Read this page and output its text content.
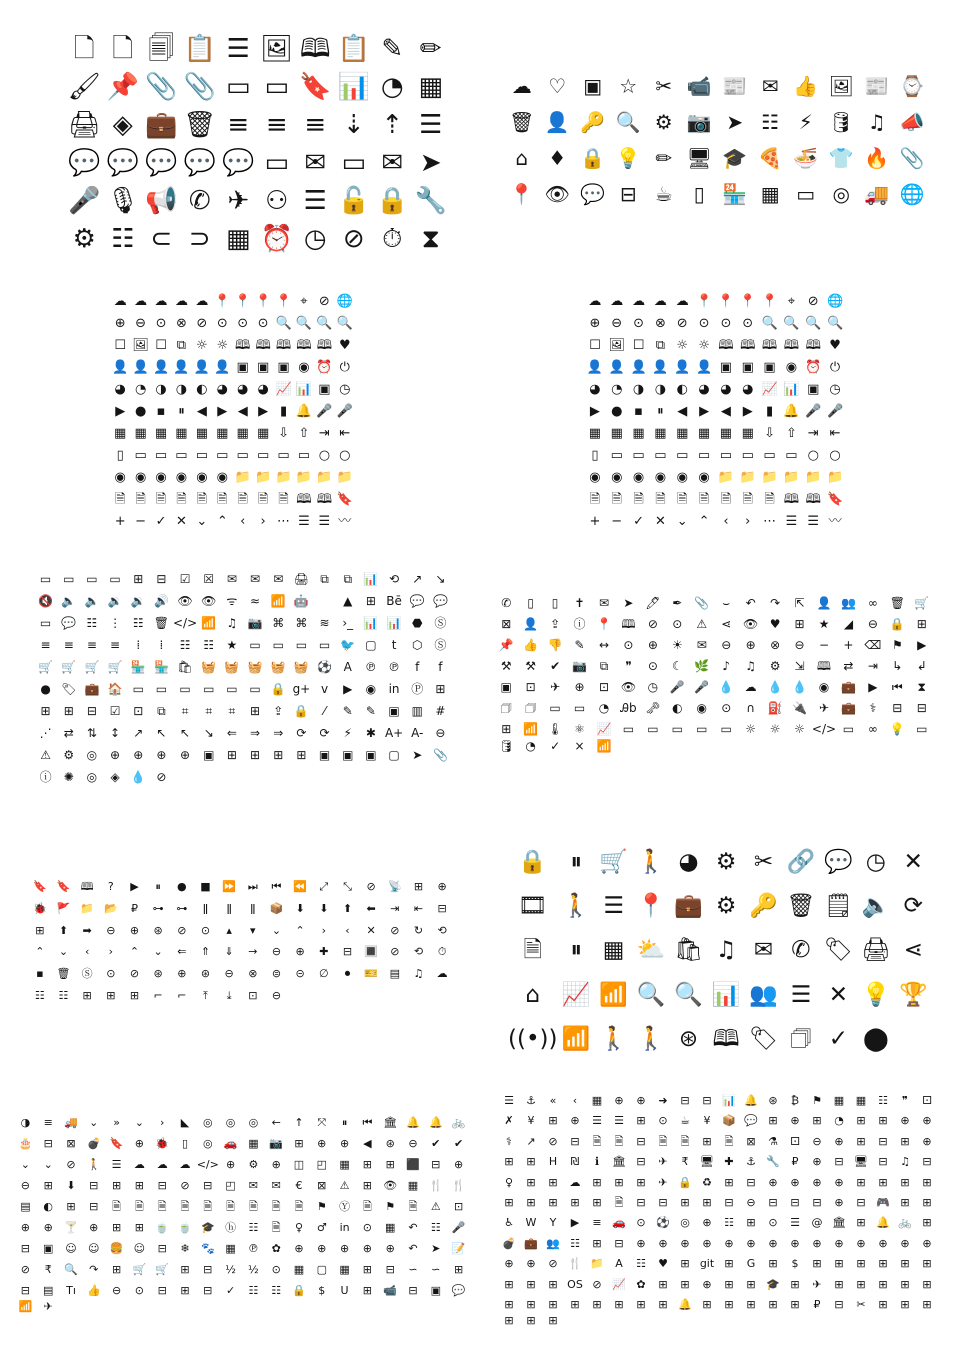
🗋 🗋 🗐 📋 ☰ 🖼 🕮 📋 ✎ ✏
🖌 📌 📎 📎 ▭ ▭ 🔖 📊 ◔ ▦
🖨 ◈ 💼 🗑 ≡ ≡ ≡ ⇣ ⇡ ☰
💬 💬 💬 💬 💬 ▭ ✉ ▭ ✉ ➤
🎤 🎙 📢 ✆ ✈ ⚇ ☰ 🔓 🔒 🔧
⚙ ☷ ⊂ ⊃ ▦ ⏰ ◷ ⊘ ⏱ ⧗
☁ ♡ ▣ ☆ ✂ 📹 📰 ✉ 👍 🖼 📰 ⌚
🗑 👤 🔑 🔍 ⚙ 📷 ➤ ☷ ⚡ 🛢 ♫ 📣
⌂	♦ 🔒 💡 ✏ 🖥 🎓 🍕 🍜 👕 🔥 📎
📍 👁 💬 ⊟ ☕	▯ 🏪 ▦ ▭ ◎ 🚚 🌐
☁ ☁ ☁ ☁ ☁ 📍 📍 📍 📍 ⌖ ⊘ 🌐
⊕ ⊖ ⊙ ⊗ ⊘ ⊙ ⊙ ⊙ 🔍 🔍 🔍 🔍
☐ 🖼 ☐ ⧉ ☼ ☼ 🕮 🕮 🕮 🕮 🕮 ♥
👤 👤 👤 👤 👤 👤 ▣ ▣ ▣ ◉ ⏰ ⏻
◕ ◔ ◑ ◑ ◐ ◕ ◕ ◕ 📈 📊 ▣ ◷
▶ ● ▪ ⏸ ◀ ▶ ◀ ▶ ▮ 🔔 🎤 🎤
▦ ▦ ▦ ▦ ▦ ▦ ▦ ▦ ⇩ ⇧ ⇥ ⇤
▯ ▭ ▭ ▭ ▭ ▭ ▭ ▭ ▭ ▭ ○ ○
◉ ◉ ◉ ◉ ◉ ◉ 📁 📁 📁 📁 📁 📁
🗎 🗎 🗎 🗎 🗎 🗎 🗎 🗎 🗎 🕮 🕮 🔖
+ − ✓ ✕ ⌄ ⌃ ‹	› ⋯ ☰ ☰ 〰
☁ ☁ ☁ ☁ ☁ 📍 📍 📍 📍 ⌖ ⊘ 🌐
⊕ ⊖ ⊙ ⊗ ⊘ ⊙ ⊙ ⊙ 🔍 🔍 🔍 🔍
☐ 🖼 ☐ ⧉ ☼ ☼ 🕮 🕮 🕮 🕮 🕮 ♥
👤 👤 👤 👤 👤 👤 ▣ ▣ ▣ ◉ ⏰ ⏻
◕ ◔ ◑ ◑ ◐ ◕ ◕ ◕ 📈 📊 ▣ ◷
▶ ● ▪	⏸	◀ ▶ ◀ ▶	▮ 🔔 🎤 🎤
▦ ▦ ▦ ▦ ▦ ▦ ▦ ▦ ⇩ ⇧ ⇥ ⇤
▯ ▭ ▭ ▭ ▭ ▭ ▭ ▭ ▭ ▭ ○ ○
◉ ◉ ◉ ◉ ◉ ◉ 📁 📁 📁 📁 📁 📁
🗎 🗎 🗎 🗎 🗎 🗎 🗎 🗎 🗎 🕮 🕮 🔖
+ − ✓ ✕ ⌄ ⌃	‹	› ⋯ ☰ ☰ 〰
▭ ▭ ▭ ▭	⊞	⊟	☑	☒	✉	✉	✉ 🖨 ⧉	⧉ 📊 ⟲	↗	↘
🔇 🔈 🔈 🔉 🔉 🔊 👁 👁 ᯤ	≈ 📶 🤖	▲	⊞ Bē 💬 💬
▭ 💬 ☷ ⋮ ☷ 🗑 </> 📶 ♫ 📷 ⌘ ⌘	≋	›_ 📊 📊 ⬣ Ⓢ
≡	≡	≡	≡	⁞	⁞	☷	☷	★	▭ ▭ ▭ ▭ 🐦 ▢	t	⬡ Ⓢ
🛒 🛒 🛒 🛒 🏪 🏪 🛍 🧺 🧺 🧺 🧺 🧺 ⚽ A	℗ ℗	f	f
● 🏷 💼 🏠 ▭ ▭	▭	▭ ▭ ▭ 🔒 g+ v	▶	◉	in Ⓟ	⊞
⊞	⊞	⊟	☑	⊡	⧉	⌗	⌗	⌗	⊞	⇪ 🔒	⁄	✎	✎	▣ ▥	#
⋰	⇄	⇅	↕	↗	↖	↖	↘	⇐	⇒	⇒	⟳	⟳	⚡	✱ A+ A-	⊖
⚠	⚙	◎	⊕	⊕	⊕	⊕	▣	⊞	⊞	⊞	⊞	▣ ▣ ▣ ▢	➤ 📎
ⓘ	✺	◎	◈ 💧 ⊘
✆	▯	▯	✝	✉	➤ 🖊 ✒ 📎	⌣	↶	↷	⇱ 👤 👥 ∞ 🗑 🛒
⊠ 👤 ⇪	ⓘ 📍 🕮	⊘	⊙	⚠	⋖ 👁 ♥	⊞	★	◢	⊖ 🔒 ⊞
📌 👍 👎 ✎	↔	⊙	⊕	☀	✉	⊖	⊕	⊗	⊖	−	+ ⌫ ⚑	▶
⚒	⚒	✔ 📷	⧉	❞	⊙	☾ 🌿	♪	♫	⚙	⇲	🕮	⇄	⇥	↳	↲
▣	⊡	✈	⊕	⊡ 👁 ◷ 🎤 🎤 💧 ☁ 💧 💧 ◉ 💼	▶	⏮	⧗
🗇	🗇	▭	▭	◔ Ꭿb 🗝 ◐	◉	⊙	∩	⛽ 🔌 ✈ 💼	⚕	⊟	⊟
⊞ 📶 🌡 ⚛ 📈 ▭	▭	▭	▭	▭	☼	☼	☼ </> ▭	∞ 💡 ▭
🛢 ◔	✓	× 📶
🔖 🔖 🕮	?	▶	⏸	●	■	⏩	⏭	⏮	⏪	⤢	⤡	⊘	📡	⊞	⊕
🐞 🚩 📁 📂	₽	⊶	⊶	ǁ	ǁ	ǁ	📦	⬇	⬇	⬆	⬅	⇥	⇤	⊟
⊞	⬆	➡	⊖	⊕	⊛	⊘	⊙	▴	▾	⌄	⌃	›	‹	✕	⊘	↻	⟲
⌃	⌄	‹	›	⌃	⌄	⇐	⇑	⇓	→	⊖	⊕	✚	⊟	🔳	⊘	⟲	⏱
▪	🗑	Ⓢ	⊙	⊘	⊛	⊕	⊛	⊖	⊗	⊜	⊝	∅	⏺	🎫	▤	♫	☁
☷	☷	⊞	⊞	⊞	⌐	⌐	⤒	⤓	⊡	⊖
🔒	⏸ 🛒 🚶 ◕ ⚙ ✂ 🔗 💬 ◷ ✕
🎞 🚶 ☰ 📍 💼 ⚙ 🔑 🗑 🗒 🔈 ⟳
🗎	⏸ ▦ ⛅ 🛍 ♫ ✉ ✆ 🏷 🖨 ⋖
⌂ 📈 📶 🔍 🔍 📊 👥 ☰ ✕ 💡 🏆
((•)) 📶 🚶 🚶 ⊛ 🕮 🏷 🗇 ✓ ⬤
◑	≡	🚚	⌄	»	⌄	›	◣	◎	◎	◎	←	↑	⤧	⏸	⏮ 🏛 🔔 🔔 🚲
🎂	⊟	⊠	💣 🔖	⊕	🐞	▯	◎	🚗 ▦ 📷	⊞	⊕	⊕	◀	⊛	⊖	✔	✔
⌄	⌄	⊘	🚶	☰	☁	☁	☁ </> ⊕	⚙	⊕	◫	◰	▦	⊞	⊞	⬛	⊟	⊕
⊖	⊞	⬇	⊟	⊞	⊞	⊟	⊘	⊟	◰	✉	✉	€	⊠	⚠	⊞	👁 ▦ 🍴 🍴
▤	◐	⊞	⊟	🗎	🗎	🗎	🗎	🗎	🗎	🗎	🗎	🗎	⚑	Ⓨ	🗎	⚑	🗎	⚠	⊡
⊕	⊕	🍸	⊕	⊞	⊞	🍵 🍵 🎓 ⓗ	☷	🗎	♀	♂	in	⊙	▦	↶	☷	🎤
⊟	▣	☺	☺ 🍔 ☺	⊟	❄	🐾 ▦	℗	✿	⊕	⊕	⊕	⊕	⊕	↶	➤	📝
⊘	₹	🔍	↷	⊞	🛒 🛒	⊞	⊟	½	½	⊙	▦	▢	▦	⊞	⊟	∽	∽	⊞
⊟	▤	Tı	👍	⊖	⊙	⊟	⊞	⊟	✓	☷	☷	🔒	$	U	⊞	📹	⊟	▣ 💬
📶	✈
☰	⚓	«	‹	▦	⊕	⊕	➜	⊟	⊟ 📊 🔔 ⊛	₿	⚑	▦	▦	☷	❞	⚀
✗	¥	⊞	⊕	☰	☰	⊞	⊙	☕	¥	📦 💬 ⊞	⊕	⊞	◔	⊞	⊞	⊕	⊕
⚕	↗	⊘	⊟	🗎	🗎	⊟	🗎	🗎	⊞	🗎	⊠	⚗	⚀	⊖	⊕	⊞	⊟	⊞	⊕
⊞	⊞	H	₪	ℹ	🏛 ⊟	✈	₹	🖥 ✚	⚓ 🔧	₽	⊕	⊟ 🖥 ⊟	♫	⊟
♀	⊞	⊞	☁	⊞	⊞	⊞	✈ 🔒 ♻	⊞	⊟	⊕	⊕	⊕	⊕	⊞	⊞	⊞	⊞
⊞	⊞	⊞	⊞	⊞	🗎	⊟	⊟	⊞	⊞	⊟	⊖	⊟	⊟	⊟	⊕	⊟ 🎮 ⊞	⊞
♿	W	Y	▶	≡ 🚗 ⊙ ⚽ ◎	⊕	☷	⊞	⊙	☰	@ 🏛 ⊞ 🔔 🚲 ⊞
💣 💼 👥 ☷	⊞	⊟	⊕	⊕	⊕	⊕	⊕	⊕	⊕	⊕	⊕	⊕	⊕	⊕	⊕	⊕
⊕	⊕	⊘ 🍴 📁	A	☷	♥	⊞ git ⊞	G	⊞	$	⊞	⊞	⊞	⊞	⊞	⊞
⊞	⊞	⊞ OS ⊘ 📈 ✿	⊞	⊞	⊕	⊞	⊞ 🎓 ⊞	✈	⊞	⊞	⊞	⊞	⊞
⊞	⊞	⊞	⊞	⊞	⊞	⊞	⊞ 🔔 ⊞	⊞	⊞	⊞	⊞	₽	⊟	✂	⊞	⊞	⊞
⊞	⊞	⊞
